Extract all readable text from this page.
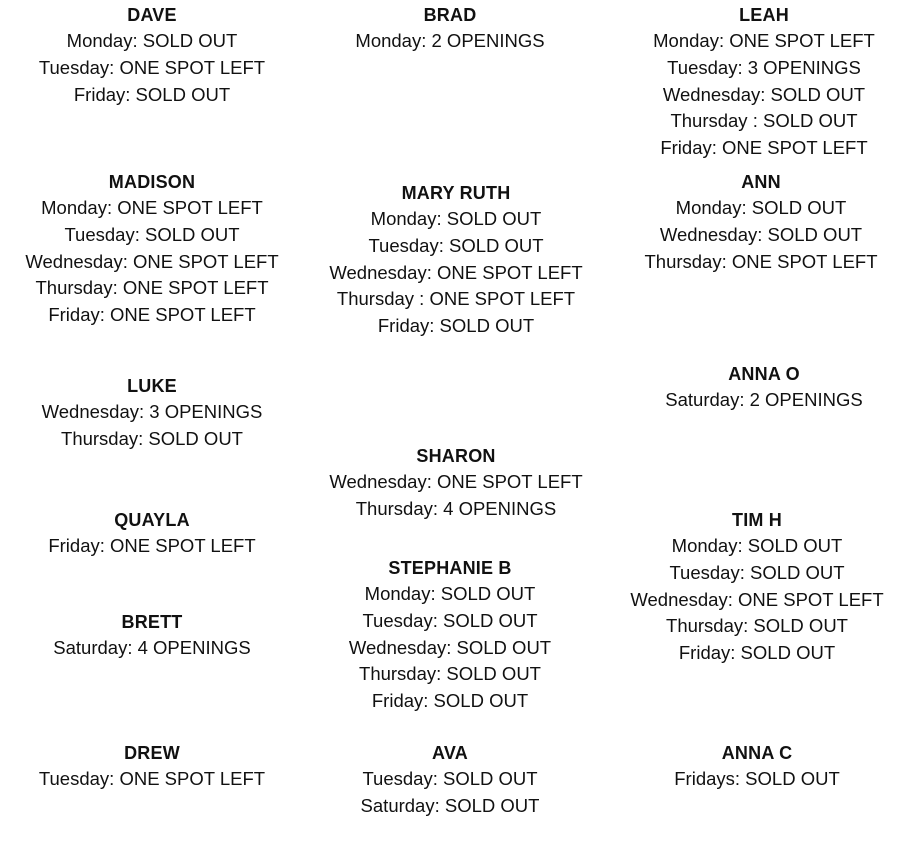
DAVE
Monday: SOLD OUT
Tuesday: ONE SPOT LEFT
Friday: SOLD OUT
BRAD
Monday: 2 OPENINGS
LEAH
Monday: ONE SPOT LEFT
Tuesday: 3 OPENINGS
Wednesday: SOLD OUT
Thursday : SOLD OUT
Friday: ONE SPOT LEFT
MADISON
Monday: ONE SPOT LEFT
Tuesday: SOLD OUT
Wednesday: ONE SPOT LEFT
Thursday: ONE SPOT LEFT
Friday: ONE SPOT LEFT
MARY RUTH
Monday: SOLD OUT
Tuesday: SOLD OUT
Wednesday: ONE SPOT LEFT
Thursday : ONE SPOT LEFT
Friday: SOLD OUT
ANN
Monday: SOLD OUT
Wednesday: SOLD OUT
Thursday: ONE SPOT LEFT
LUKE
Wednesday: 3 OPENINGS
Thursday: SOLD OUT
ANNA O
Saturday: 2 OPENINGS
SHARON
Wednesday: ONE SPOT LEFT
Thursday: 4 OPENINGS
QUAYLA
Friday: ONE SPOT LEFT
TIM H
Monday: SOLD OUT
Tuesday: SOLD OUT
Wednesday: ONE SPOT LEFT
Thursday: SOLD OUT
Friday: SOLD OUT
STEPHANIE B
Monday: SOLD OUT
Tuesday: SOLD OUT
Wednesday: SOLD OUT
Thursday: SOLD OUT
Friday: SOLD OUT
BRETT
Saturday: 4 OPENINGS
DREW
Tuesday: ONE SPOT LEFT
AVA
Tuesday: SOLD OUT
Saturday: SOLD OUT
ANNA C
Fridays: SOLD OUT
